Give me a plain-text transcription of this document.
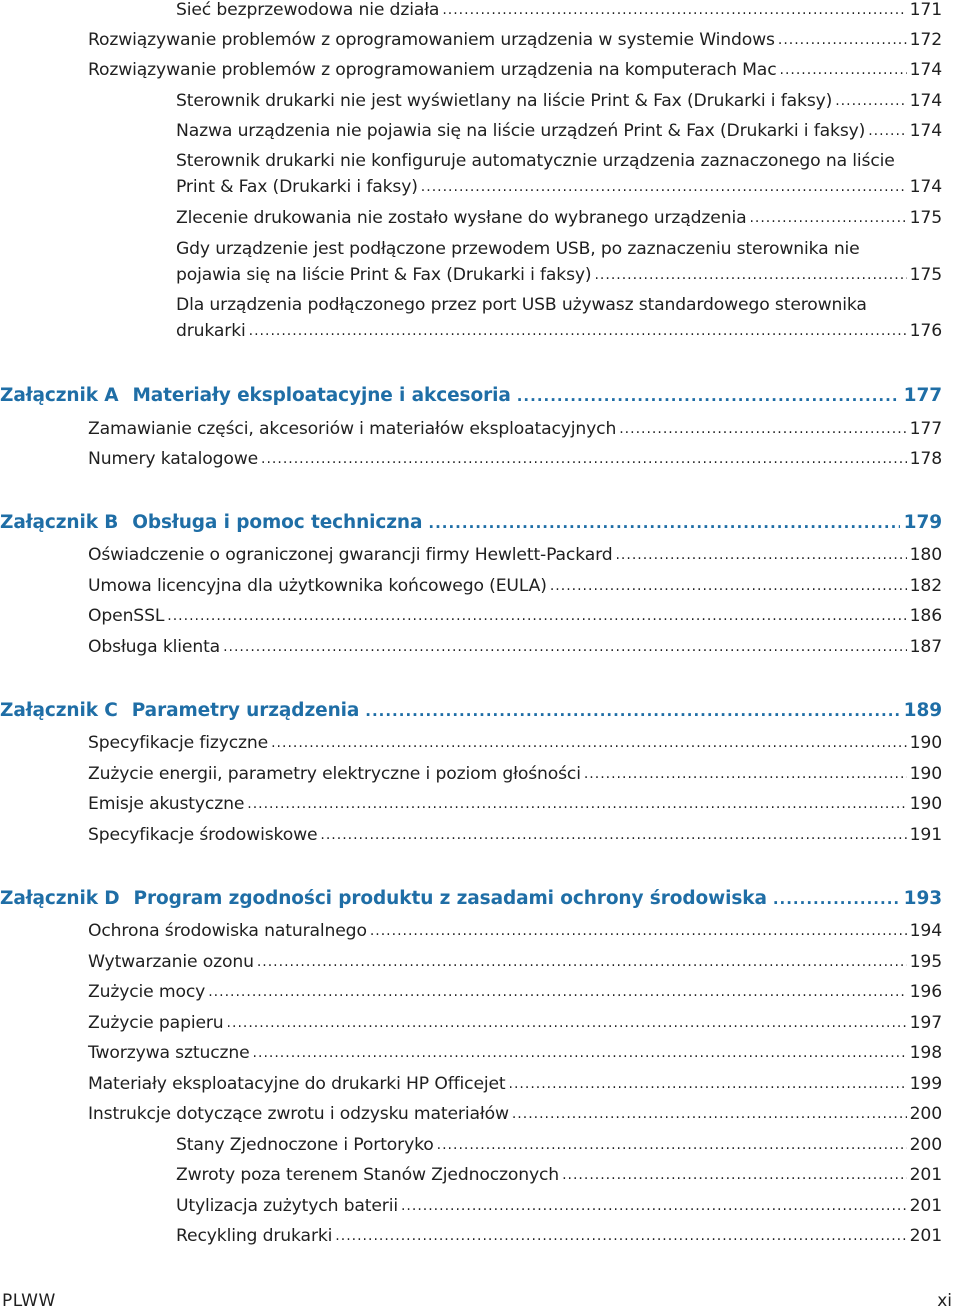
Sieć bezprzewodowa nie działa .....	171
Rozwiązywanie problemów z oprogramowaniem urządzenia w systemie Windows .....	172
Rozwiązywanie problemów z oprogramowaniem urządzenia na komputerach Mac .....	174
Sterownik drukarki nie jest wyświetlany na liście Print & Fax (Drukarki i faksy) .....	174
Nazwa urządzenia nie pojawia się na liście urządzeń Print & Fax (Drukarki i faksy) .....	174
Sterownik drukarki nie konfiguruje automatycznie urządzenia zaznaczonego na liście
Print & Fax (Drukarki i faksy) .....	174
Zlecenie drukowania nie zostało wysłane do wybranego urządzenia .....	175
Gdy urządzenie jest podłączone przewodem USB, po zaznaczeniu sterownika nie
pojawia się na liście Print & Fax (Drukarki i faksy) .....	175
Dla urządzenia podłączonego przez port USB używasz standardowego sterownika
drukarki .....	176
Załącznik A Materiały eksploatacyjne i akcesoria .....	177
Zamawianie części, akcesoriów i materiałów eksploatacyjnych .....	177
Numery katalogowe .....	178
Załącznik B Obsługa i pomoc techniczna .....	179
Oświadczenie o ograniczonej gwarancji firmy Hewlett-Packard .....	180
Umowa licencyjna dla użytkownika końcowego (EULA) .....	182
OpenSSL .....	186
Obsługa klienta .....	187
Załącznik C Parametry urządzenia .....	189
Specyfikacje fizyczne .....	190
Zużycie energii, parametry elektryczne i poziom głośności .....	190
Emisje akustyczne .....	190
Specyfikacje środowiskowe .....	191
Załącznik D Program zgodności produktu z zasadami ochrony środowiska .....	193
Ochrona środowiska naturalnego .....	194
Wytwarzanie ozonu .....	195
Zużycie mocy .....	196
Zużycie papieru .....	197
Tworzywa sztuczne .....	198
Materiały eksploatacyjne do drukarki HP Officejet .....	199
Instrukcje dotyczące zwrotu i odzysku materiałów .....	200
Stany Zjednoczone i Portoryko .....	200
Zwroty poza terenem Stanów Zjednoczonych .....	201
Utylizacja zużytych baterii .....	201
Recykling drukarki .....	201
PLWW	xi
